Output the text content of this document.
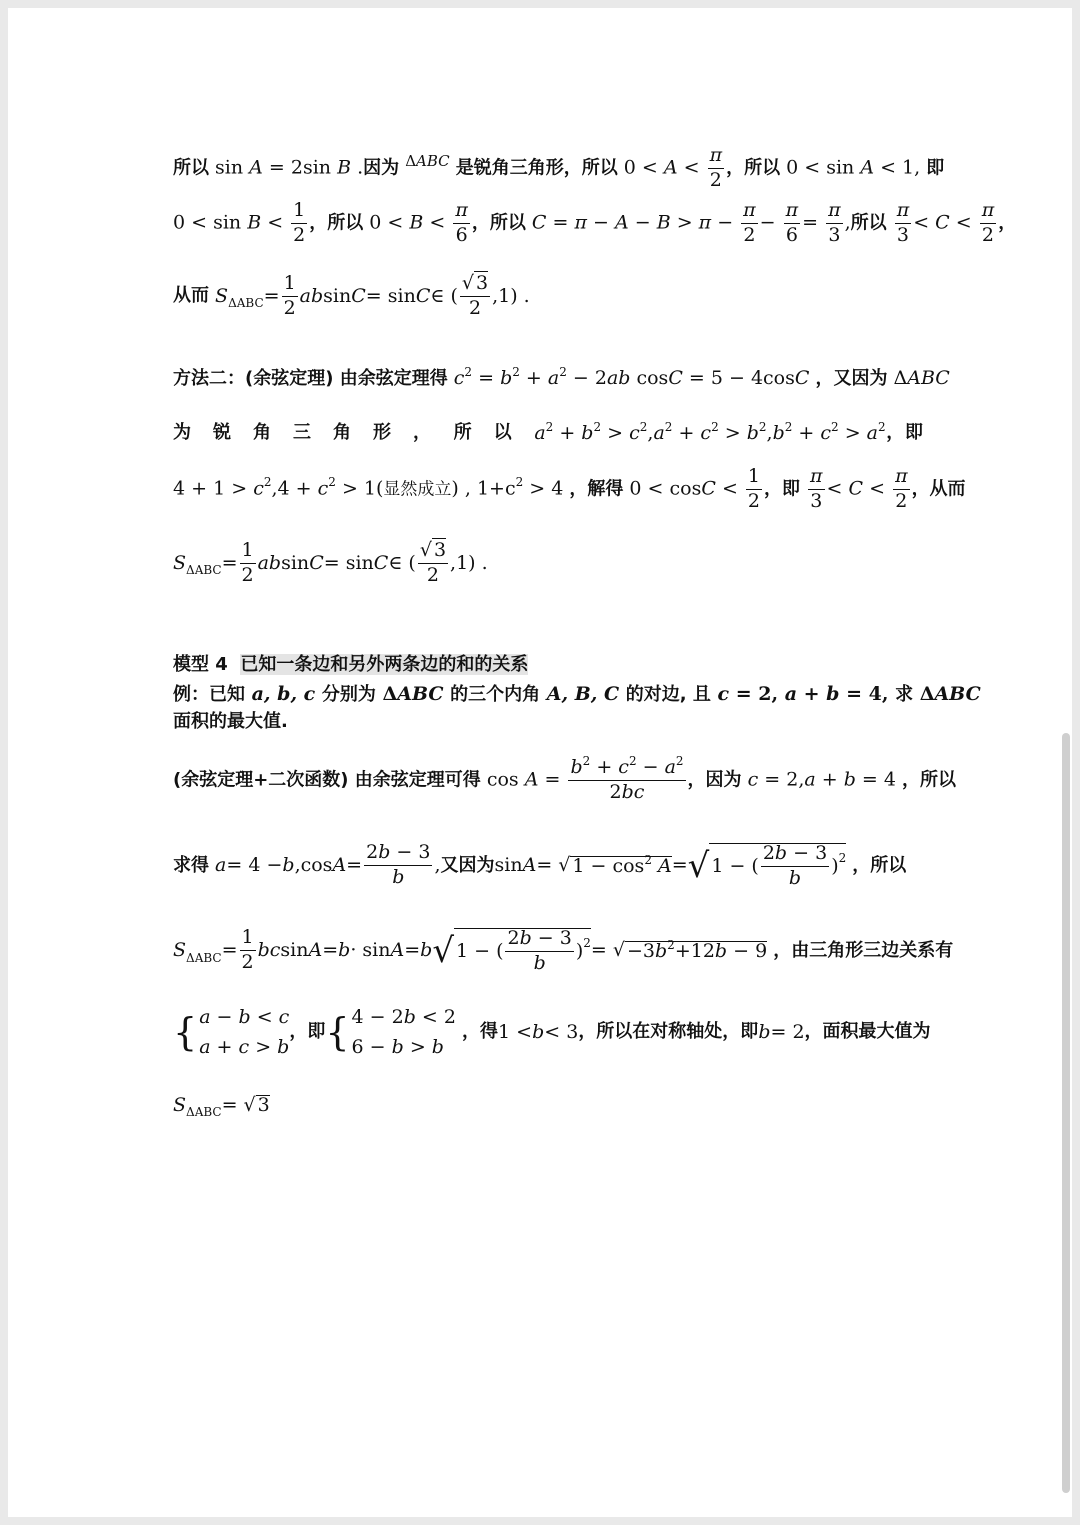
所以 sin A = 2sin B .因为 $^{\Delta ABC}$ 是锐角三角形，所以 $0 < A < \frac{\pi}{2}$ ，所以 0 < sin A < 1, 即
$0 < \sin B < \frac{1}{2}$ ，所以 $0 < B < \frac{\pi}{6}$ ，所以 $C = \pi - A - B > \pi - \frac{\pi}{2} - \frac{\pi}{6} = \frac{\pi}{3}$ ,所以 $\frac{\pi}{3} < C < \frac{\pi}{2}$ ，
从而
S $\Delta ABC = \frac{1}{2}$ ab sin C = sin C ∈ ( $\frac{√ 3}{2} ,1$) .
方法二：(余弦定理) 由余弦定理得 $c^2 = b^2 + a^2 - 2ab$ cosC = 5 − 4cosC ，又因为 ΔABC
为锐角三角形， 所以 $a^2 + b^2 > c^2,a^2 + c^2 > b^2,b^2 + c^2 > a^2$ ， 即
$4 + 1 > c^2,4 + c^2 > 1$(显然成立) , $1+c^2 > 4$ ，解得 $0 < \cos C < \frac{1}{2}$ ，即 $\frac{\pi}{3} < C < \frac{\pi}{2}$ ，从而
S $\Delta ABC = \frac{1}{2}$ ab sin C = sin C ∈ ( $\frac{√ 3}{2} ,1$) .
模型 4  已知一条边和另外两条边的和的关系
例：已知 a, b, c 分别为 ΔABC 的三个内角 A, B, C 的对边, 且 c = 2, a + b = 4, 求 ΔABC
面积的最大值.
(余弦定理+二次函数) 由余弦定理可得 $\cos A = \frac{b^2 + c^2 - a^2}{2bc}$ ，因为 c = 2,a + b = 4 ，所以
求得
a = 4 − b ,cos $A = \frac{2b - 3}{b}$ , 又因为 sin A = √ $1 - \cos^2 A$ = √ 1 − ( $\frac{2b - 3}{b}$ ) 2
，所以
S $\Delta ABC = \frac{1}{2}$ bc sin A = b · sin A = b √ 1 − ( $\frac{2b - 3}{b}$ ) 2 = √ $-3b^2+12b - 9$
，由三角形三边关系有
{ a − b < c
a + c > b
，即 { 4 − 2b < 2
6 − b > b

，得 1 < b < 3 ，所以在对称轴处，即 b = 2 ，面积最大值为
S ΔABC = √ 3
